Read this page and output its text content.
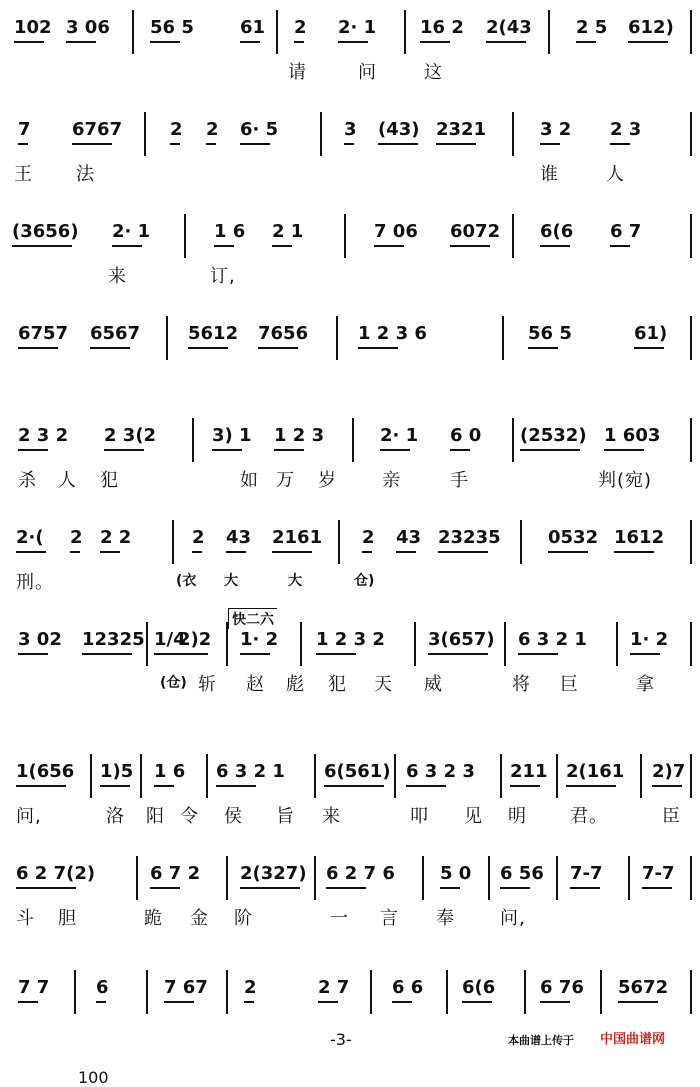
102 3 06 56 5	61 2 2· 1 16 2 2(43 2 5 612)
请	问	这
7 6767	2 2 6· 5	3 (43) 2321	3 2 2 3
王 法	谁	人
(3656) 2· 1	1 6 2 1	7 06 6072 6(6 6 7
来	订,
6757 6567	5612 7656	1 2 3 6	56 5	61)
2 3 2 2 3(2	3) 1 1 2 3	2· 1 6 0 (2532) 1 603
杀 人 犯	如 万 岁	亲	手	判(宛)
2·( 2 2 2	2 43 2161 2 43 23235	0532 1612
刑。	(衣 大	大	仓)
3 02 12325 1/4
2)2 1· 2 1 2 3 2 3(657) 6 3 2 1 1· 2
快二六
斩 赵 彪 犯 天 威	将 巨	拿
(仓)
1(656 1)5 1 6 6 3 2 1 6(561) 6 3 2 3 211 2(161 2)7
问,	洛 阳 令 侯 旨 来	叩 见 明 君。	臣
6 2 7(2)	6 7 2 2(327) 6 2 7 6	5 0 6 56 7-7 7-7
斗 胆	跪 金 阶	一 言 奉	问,
7 7	6	7 67 2	2 7 6 6 6(6 6 76 5672
-3-	本曲谱上传于 中国曲谱网
100
